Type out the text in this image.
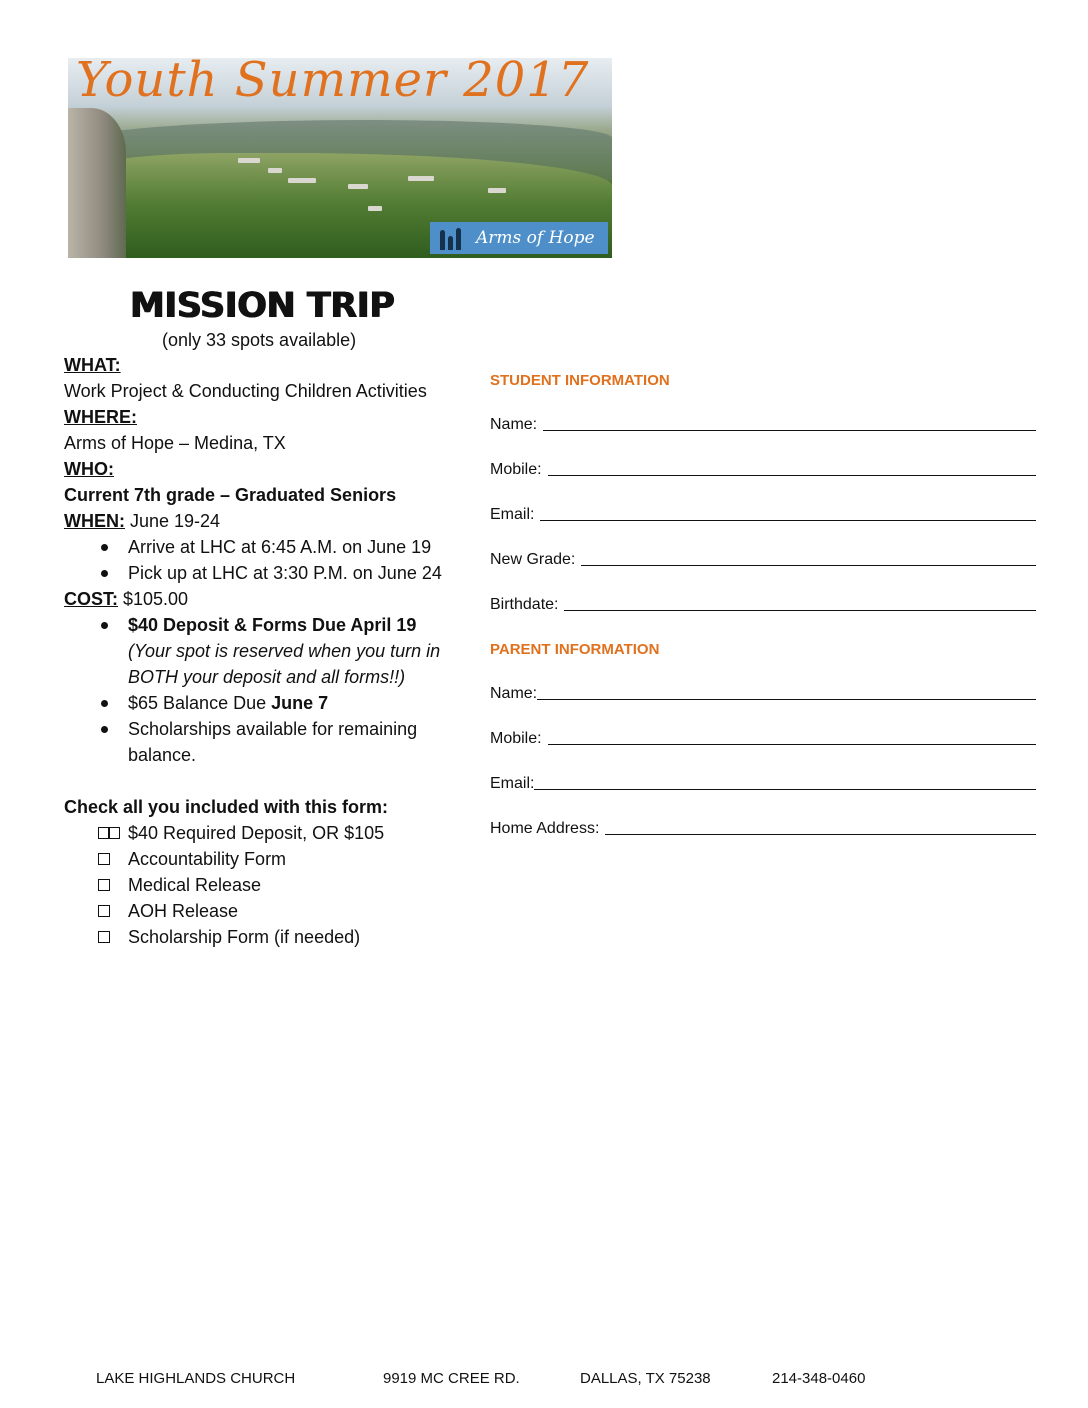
Youth Summer 2017
Arms of Hope
MISSION TRIP
(only 33 spots available)
WHAT:
Work Project & Conducting Children Activities
WHERE:
Arms of Hope – Medina, TX
WHO:
Current 7th grade – Graduated Seniors
WHEN: June 19-24
Arrive at LHC at 6:45 A.M. on June 19
Pick up at LHC at 3:30 P.M. on June 24
COST: $105.00
$40 Deposit & Forms Due April 19
(Your spot is reserved when you turn in
BOTH your deposit and all forms!!)
$65 Balance Due June 7
Scholarships available for remaining
balance.
Check all you included with this form:
$40 Required Deposit, OR $105
Accountability Form
Medical Release
AOH Release
Scholarship Form (if needed)
STUDENT INFORMATION
Name:
Mobile:
Email:
New Grade:
Birthdate:
PARENT INFORMATION
Name:
Mobile:
Email:
Home Address:
LAKE HIGHLANDS CHURCH	9919 MC CREE RD.	DALLAS, TX 75238	214-348-0460
